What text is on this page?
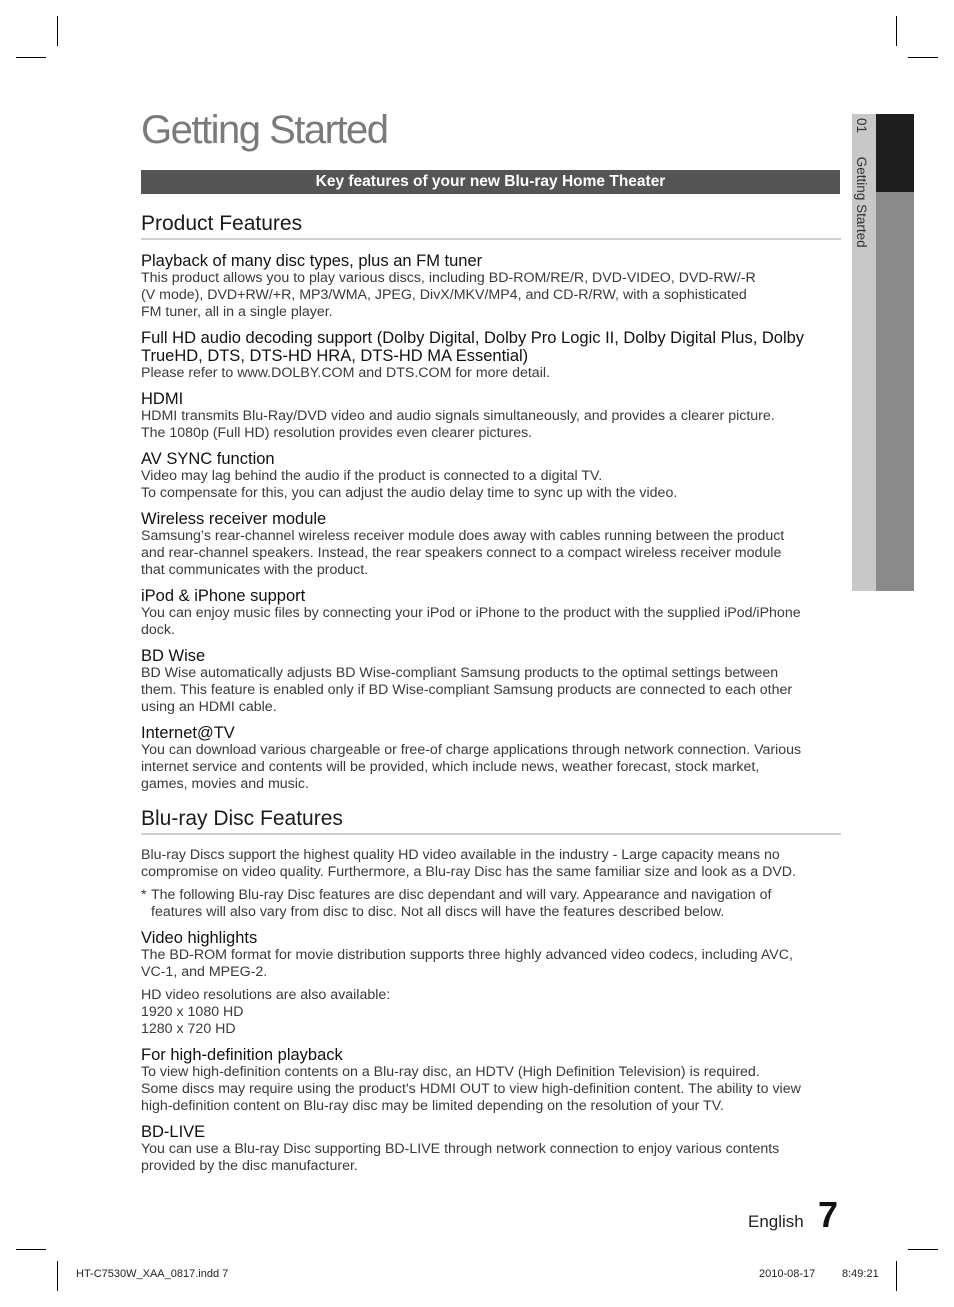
01 Getting Started
Getting Started
Key features of your new Blu-ray Home Theater
Product Features
Playback of many disc types, plus an FM tuner
This product allows you to play various discs, including BD-ROM/RE/R, DVD-VIDEO, DVD-RW/-R
(V mode), DVD+RW/+R, MP3/WMA, JPEG, DivX/MKV/MP4, and CD-R/RW, with a sophisticated
FM tuner, all in a single player.
Full HD audio decoding support (Dolby Digital, Dolby Pro Logic II, Dolby Digital Plus, Dolby TrueHD, DTS, DTS-HD HRA, DTS-HD MA Essential)
Please refer to www.DOLBY.COM and DTS.COM for more detail.
HDMI
HDMI transmits Blu-Ray/DVD video and audio signals simultaneously, and provides a clearer picture.
The 1080p (Full HD) resolution provides even clearer pictures.
AV SYNC function
Video may lag behind the audio if the product is connected to a digital TV.
To compensate for this, you can adjust the audio delay time to sync up with the video.
Wireless receiver module
Samsung’s rear-channel wireless receiver module does away with cables running between the product
and rear-channel speakers. Instead, the rear speakers connect to a compact wireless receiver module
that communicates with the product.
iPod & iPhone support
You can enjoy music files by connecting your iPod or iPhone to the product with the supplied iPod/iPhone
dock.
BD Wise
BD Wise automatically adjusts BD Wise-compliant Samsung products to the optimal settings between
them. This feature is enabled only if BD Wise-compliant Samsung products are connected to each other
using an HDMI cable.
Internet@TV
You can download various chargeable or free-of charge applications through network connection. Various
internet service and contents will be provided, which include news, weather forecast, stock market,
games, movies and music.
Blu-ray Disc Features
Blu-ray Discs support the highest quality HD video available in the industry - Large capacity means no
compromise on video quality. Furthermore, a Blu-ray Disc has the same familiar size and look as a DVD.
* The following Blu-ray Disc features are disc dependant and will vary. Appearance and navigation of
features will also vary from disc to disc. Not all discs will have the features described below.
Video highlights
The BD-ROM format for movie distribution supports three highly advanced video codecs, including AVC,
VC-1, and MPEG-2.
HD video resolutions are also available:
1920 x 1080 HD
1280 x 720 HD
For high-definition playback
To view high-definition contents on a Blu-ray disc, an HDTV (High Definition Television) is required.
Some discs may require using the product's HDMI OUT to view high-definition content. The ability to view
high-definition content on Blu-ray disc may be limited depending on the resolution of your TV.
BD-LIVE
You can use a Blu-ray Disc supporting BD-LIVE through network connection to enjoy various contents
provided by the disc manufacturer.
English 7
HT-C7530W_XAA_0817.indd 7	2010-08-17 8:49:21
